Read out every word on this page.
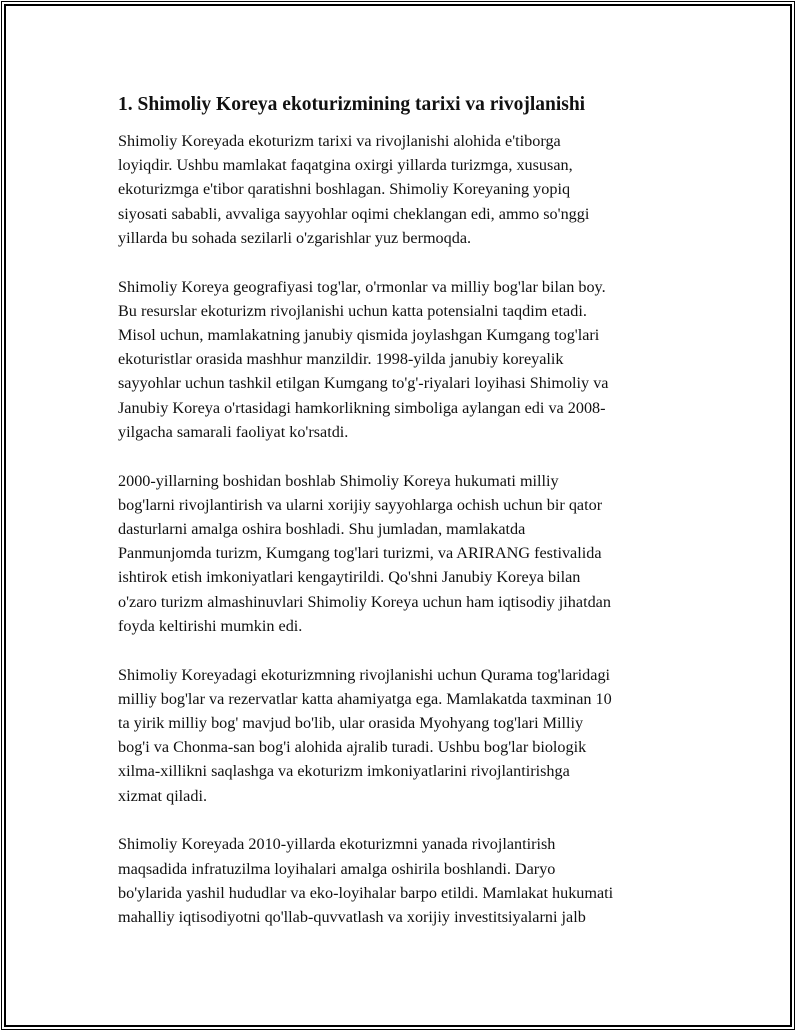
1. Shimoliy Koreya ekoturizmining tarixi va rivojlanishi

Shimoliy Koreyada ekoturizm tarixi va rivojlanishi alohida e'tiborga
loyiqdir. Ushbu mamlakat faqatgina oxirgi yillarda turizmga, xususan,
ekoturizmga e'tibor qaratishni boshlagan. Shimoliy Koreyaning yopiq
siyosati sababli, avvaliga sayyohlar oqimi cheklangan edi, ammo so'nggi
yillarda bu sohada sezilarli o'zgarishlar yuz bermoqda.

Shimoliy Koreya geografiyasi tog'lar, o'rmonlar va milliy bog'lar bilan boy.
Bu resurslar ekoturizm rivojlanishi uchun katta potensialni taqdim etadi.
Misol uchun, mamlakatning janubiy qismida joylashgan Kumgang tog'lari
ekoturistlar orasida mashhur manzildir. 1998-yilda janubiy koreyalik
sayyohlar uchun tashkil etilgan Kumgang to'g'-riyalari loyihasi Shimoliy va
Janubiy Koreya o'rtasidagi hamkorlikning simboliga aylangan edi va 2008-
yilgacha samarali faoliyat ko'rsatdi.

2000-yillarning boshidan boshlab Shimoliy Koreya hukumati milliy
bog'larni rivojlantirish va ularni xorijiy sayyohlarga ochish uchun bir qator
dasturlarni amalga oshira boshladi. Shu jumladan, mamlakatda
Panmunjomda turizm, Kumgang tog'lari turizmi, va ARIRANG festivalida
ishtirok etish imkoniyatlari kengaytirildi. Qo'shni Janubiy Koreya bilan
o'zaro turizm almashinuvlari Shimoliy Koreya uchun ham iqtisodiy jihatdan
foyda keltirishi mumkin edi.

Shimoliy Koreyadagi ekoturizmning rivojlanishi uchun Qurama tog'laridagi
milliy bog'lar va rezervatlar katta ahamiyatga ega. Mamlakatda taxminan 10
ta yirik milliy bog' mavjud bo'lib, ular orasida Myohyang tog'lari Milliy
bog'i va Chonma-san bog'i alohida ajralib turadi. Ushbu bog'lar biologik
xilma-xillikni saqlashga va ekoturizm imkoniyatlarini rivojlantirishga
xizmat qiladi.

Shimoliy Koreyada 2010-yillarda ekoturizmni yanada rivojlantirish
maqsadida infratuzilma loyihalari amalga oshirila boshlandi. Daryo
bo'ylarida yashil hududlar va eko-loyihalar barpo etildi. Mamlakat hukumati
mahalliy iqtisodiyotni qo'llab-quvvatlash va xorijiy investitsiyalarni jalb
